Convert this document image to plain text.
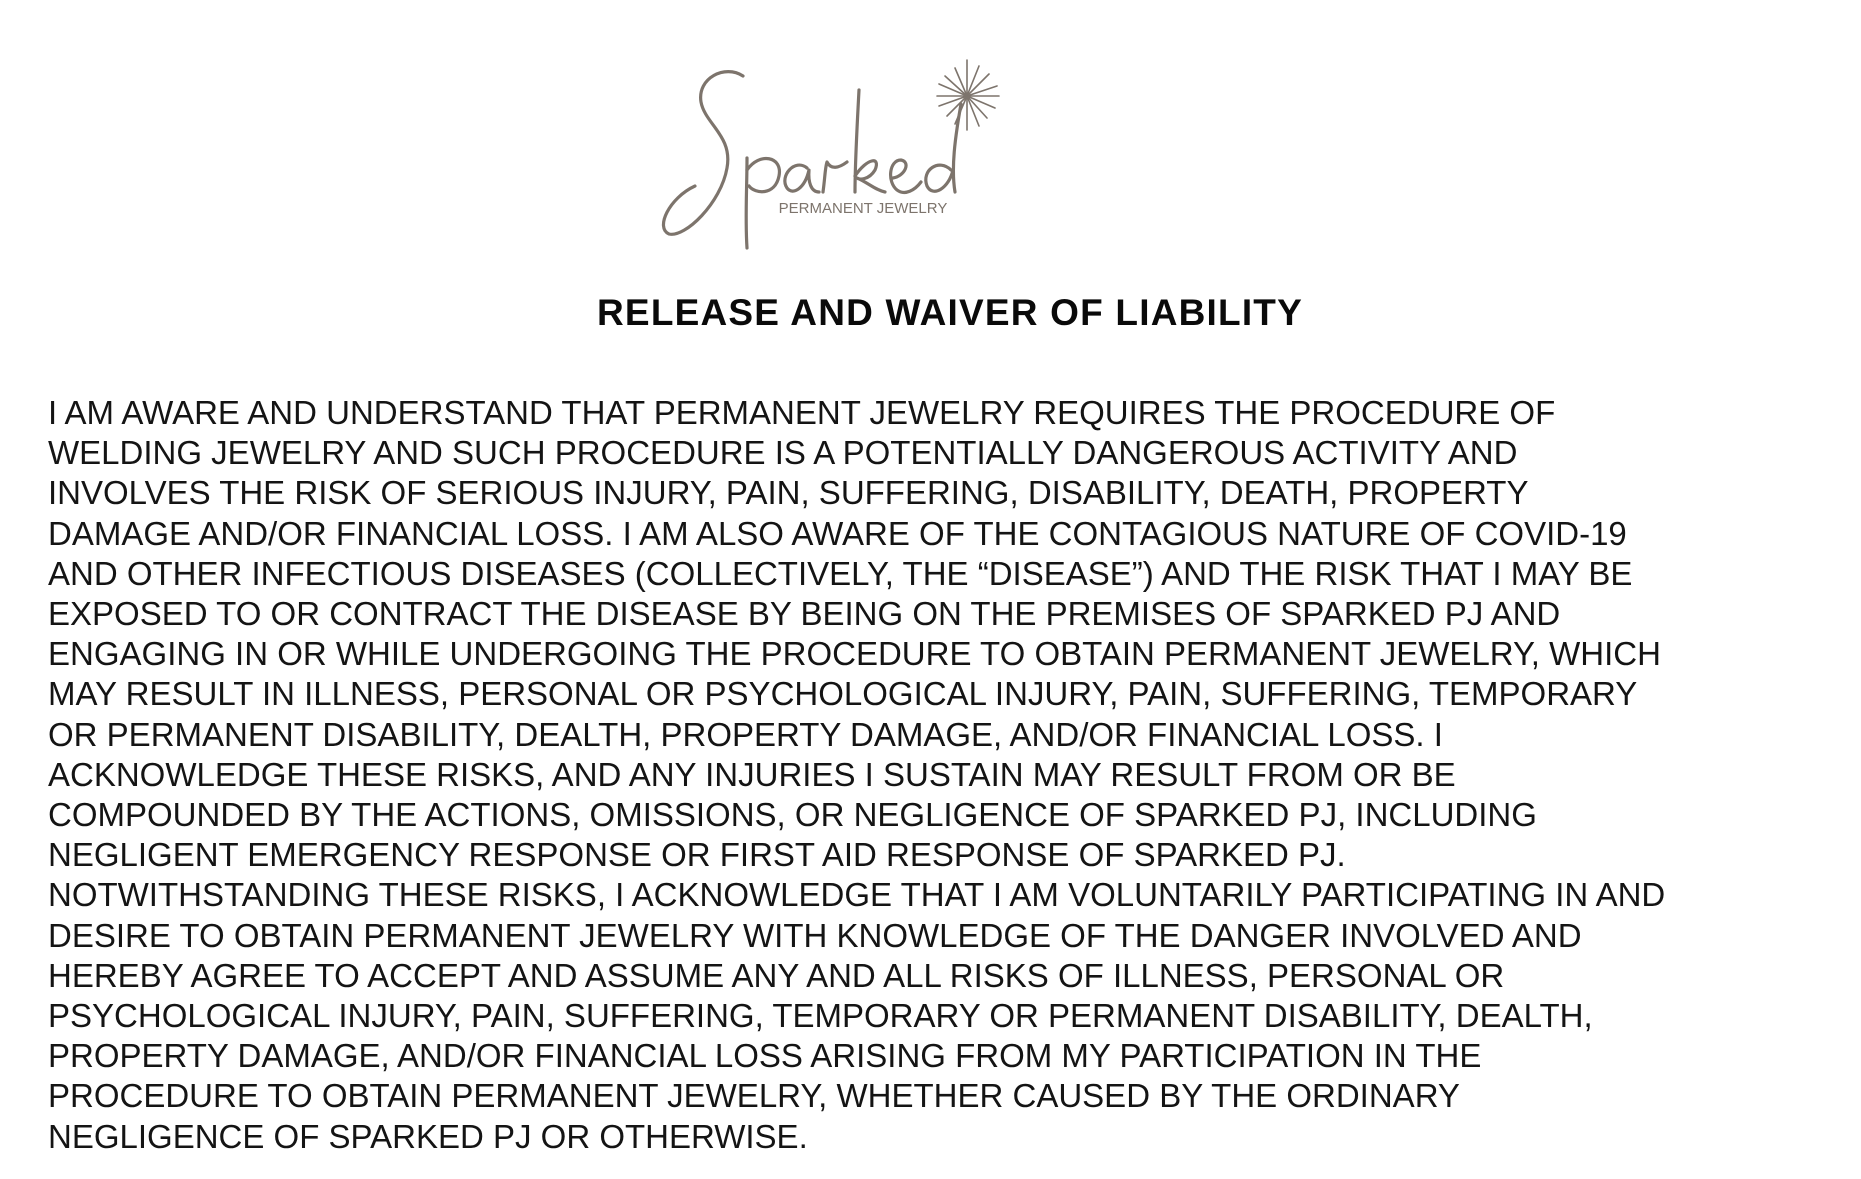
PERMANENT JEWELRY
RELEASE AND WAIVER OF LIABILITY

I AM AWARE AND UNDERSTAND THAT PERMANENT JEWELRY REQUIRES THE PROCEDURE OF
WELDING JEWELRY AND SUCH PROCEDURE IS A POTENTIALLY DANGEROUS ACTIVITY AND
INVOLVES THE RISK OF SERIOUS INJURY, PAIN, SUFFERING, DISABILITY, DEATH, PROPERTY
DAMAGE AND/OR FINANCIAL LOSS. I AM ALSO AWARE OF THE CONTAGIOUS NATURE OF COVID-19
AND OTHER INFECTIOUS DISEASES (COLLECTIVELY, THE “DISEASE”) AND THE RISK THAT I MAY BE
EXPOSED TO OR CONTRACT THE DISEASE BY BEING ON THE PREMISES OF SPARKED PJ AND
ENGAGING IN OR WHILE UNDERGOING THE PROCEDURE TO OBTAIN PERMANENT JEWELRY, WHICH
MAY RESULT IN ILLNESS, PERSONAL OR PSYCHOLOGICAL INJURY, PAIN, SUFFERING, TEMPORARY
OR PERMANENT DISABILITY, DEALTH, PROPERTY DAMAGE, AND/OR FINANCIAL LOSS. I
ACKNOWLEDGE THESE RISKS, AND ANY INJURIES I SUSTAIN MAY RESULT FROM OR BE
COMPOUNDED BY THE ACTIONS, OMISSIONS, OR NEGLIGENCE OF SPARKED PJ, INCLUDING
NEGLIGENT EMERGENCY RESPONSE OR FIRST AID RESPONSE OF SPARKED PJ.
NOTWITHSTANDING THESE RISKS, I ACKNOWLEDGE THAT I AM VOLUNTARILY PARTICIPATING IN AND
DESIRE TO OBTAIN PERMANENT JEWELRY WITH KNOWLEDGE OF THE DANGER INVOLVED AND
HEREBY AGREE TO ACCEPT AND ASSUME ANY AND ALL RISKS OF ILLNESS, PERSONAL OR
PSYCHOLOGICAL INJURY, PAIN, SUFFERING, TEMPORARY OR PERMANENT DISABILITY, DEALTH,
PROPERTY DAMAGE, AND/OR FINANCIAL LOSS ARISING FROM MY PARTICIPATION IN THE
PROCEDURE TO OBTAIN PERMANENT JEWELRY, WHETHER CAUSED BY THE ORDINARY
NEGLIGENCE OF SPARKED PJ OR OTHERWISE.
